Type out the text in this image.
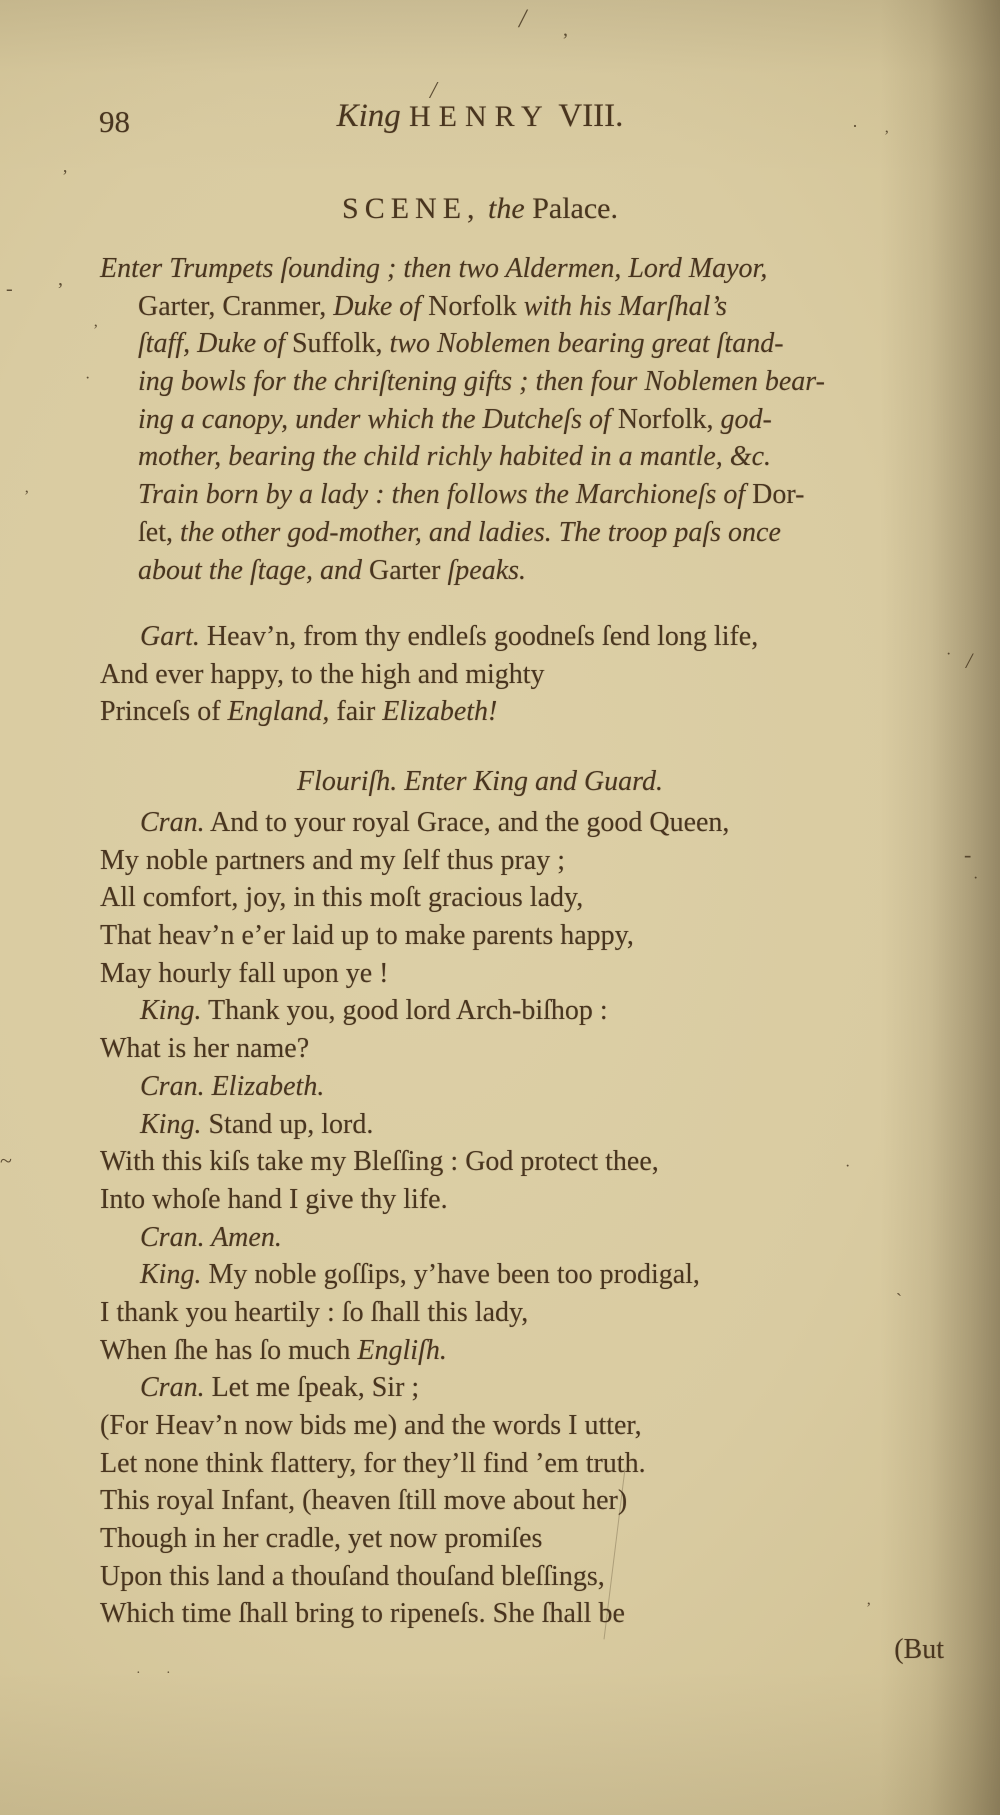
98	King HENRY VIII.
SCENE, the Palace.
Enter Trumpets ſounding ; then two Aldermen, Lord Mayor,
Garter, Cranmer, Duke of Norfolk with his Marſhal’s
ſtaff, Duke of Suffolk, two Noblemen bearing great ſtand-
ing bowls for the chriſtening gifts ; then four Noblemen bear-
ing a canopy, under which the Dutcheſs of Norfolk, god-
mother, bearing the child richly habited in a mantle, &c.
Train born by a lady : then follows the Marchioneſs of Dor-
ſet, the other god-mother, and ladies. The troop paſs once
about the ſtage, and Garter ſpeaks.
Gart. Heav’n, from thy endleſs goodneſs ſend long life,
And ever happy, to the high and mighty
Princeſs of England, fair Elizabeth!
Flouriſh. Enter King and Guard.
Cran. And to your royal Grace, and the good Queen,
My noble partners and my ſelf thus pray ;
All comfort, joy, in this moſt gracious lady,
That heav’n e’er laid up to make parents happy,
May hourly fall upon ye !
King. Thank you, good lord Arch-biſhop :
What is her name?
Cran. Elizabeth.
King. Stand up, lord.
With this kiſs take my Bleſſing : God protect thee,
Into whoſe hand I give thy life.
Cran. Amen.
King. My noble goſſips, y’have been too prodigal,
I thank you heartily : ſo ſhall this lady,
When ſhe has ſo much Engliſh.
Cran. Let me ſpeak, Sir ;
(For Heav’n now bids me) and the words I utter,
Let none think flattery, for they’ll find ’em truth.
This royal Infant, (heaven ſtill move about her)
Though in her cradle, yet now promiſes
Upon this land a thouſand thouſand bleſſings,
Which time ſhall bring to ripeneſs. She ſhall be
(But
/
ʼ
/
·
’
’
,
-
’
·
’
· /
-
·
~	·
`
’
· ·
